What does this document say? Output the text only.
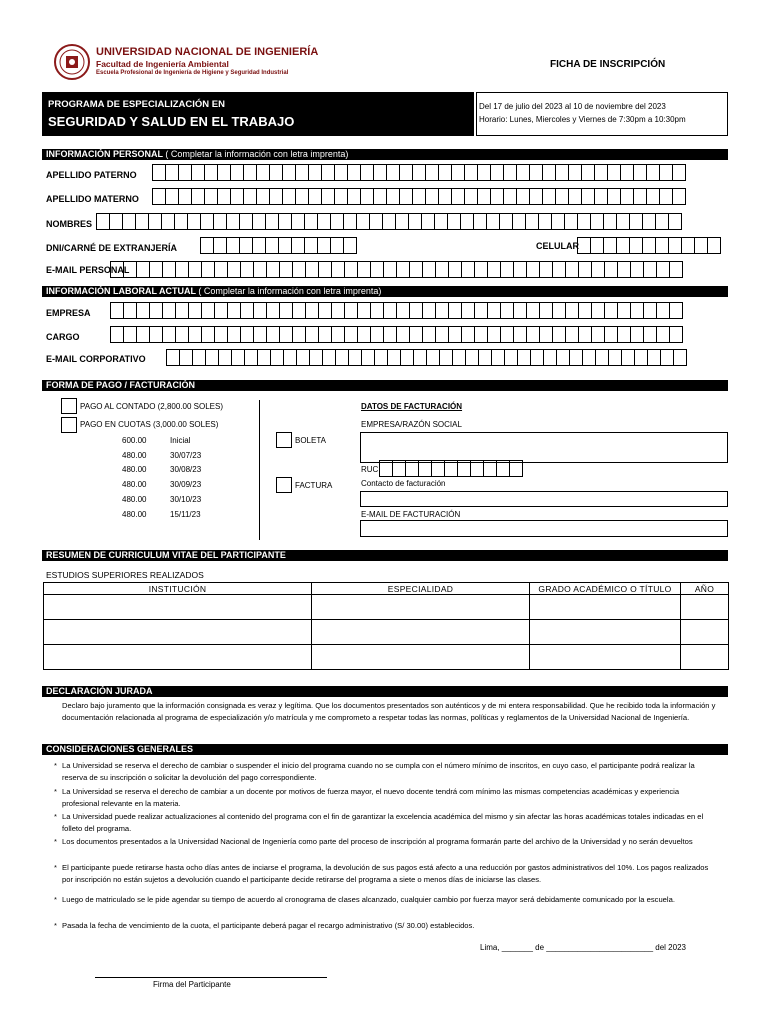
UNIVERSIDAD NACIONAL DE INGENIERÍA
Facultad de Ingeniería Ambiental
Escuela Profesional de Ingeniería de Higiene y Seguridad Industrial
FICHA DE INSCRIPCIÓN
PROGRAMA DE ESPECIALIZACIÓN EN
SEGURIDAD Y SALUD EN EL TRABAJO
Del 17 de julio del 2023 al 10 de noviembre del 2023
Horario: Lunes, Miercoles y Viernes de 7:30pm a 10:30pm
INFORMACIÓN PERSONAL ( Completar la información con letra imprenta)
APELLIDO PATERNO
APELLIDO MATERNO
NOMBRES
DNI/CARNÉ DE EXTRANJERÍA	CELULAR
E-MAIL PERSONAL
INFORMACIÓN LABORAL ACTUAL ( Completar la información con letra imprenta)
EMPRESA
CARGO
E-MAIL CORPORATIVO
FORMA DE PAGO / FACTURACIÓN
PAGO AL CONTADO (2,800.00 SOLES)
PAGO EN CUOTAS (3,000.00 SOLES)
600.00	Inicial
480.00	30/07/23
480.00	30/08/23
480.00	30/09/23
480.00	30/10/23
480.00	15/11/23
BOLETA
FACTURA
DATOS DE FACTURACIÓN
EMPRESA/RAZÓN SOCIAL
RUC
Contacto de facturación
E-MAIL DE FACTURACIÓN
RESUMEN DE CURRICULUM VITAE DEL PARTICIPANTE
ESTUDIOS SUPERIORES REALIZADOS
INSTITUCIÓN	ESPECIALIDAD	GRADO ACADÉMICO O TÍTULO	AÑO

DECLARACIÓN JURADA
Declaro bajo juramento que la información consignada es veraz y legítima. Que los documentos presentados son auténticos y de mi entera responsabilidad. Que he recibido toda la información y documentación relacionada al programa de especialización y/o matrícula y me comprometo a respetar todas las normas, políticas y reglamentos de la Universidad Nacional de Ingeniería.
CONSIDERACIONES GENERALES
* La Universidad se reserva el derecho de cambiar o suspender el inicio del programa cuando no se cumpla con el número mínimo de inscritos, en cuyo caso, el participante podrá realizar la reserva de su inscripción o solicitar la devolución del pago correspondiente.
* La Universidad se reserva el derecho de cambiar a un docente por motivos de fuerza mayor, el nuevo docente tendrá com mínimo las mismas competencias académicas y experiencia profesional relevante en la materia.
* La Universidad puede realizar actualizaciones al contenido del programa con el fin de garantizar la excelencia académica del mismo y sin afectar las horas académicas totales indicadas en el folleto del programa.
* Los documentos presentados a la Universidad Nacional de Ingeniería como parte del proceso de inscripción al programa formarán parte del archivo de la Universidad y no serán devueltos
* El participante puede retirarse hasta ocho días antes de inciarse el programa, la devolución de sus pagos está afecto a una reducción por gastos administrativos del 10%. Los pagos realizados por inscripción no están sujetos a devolución cuando el participante decide retirarse del programa a siete o menos días de iniciarse las clases.
* Luego de matriculado se le pide agendar su tiempo de acuerdo al cronograma de clases alcanzado, cualquier cambio por fuerza mayor será debidamente comunicado por la escuela.
* Pasada la fecha de vencimiento de la cuota, el participante deberá pagar el recargo administrativo (S/ 30.00) establecidos.
Lima, _______ de ________________________ del 2023
Firma del Participante
